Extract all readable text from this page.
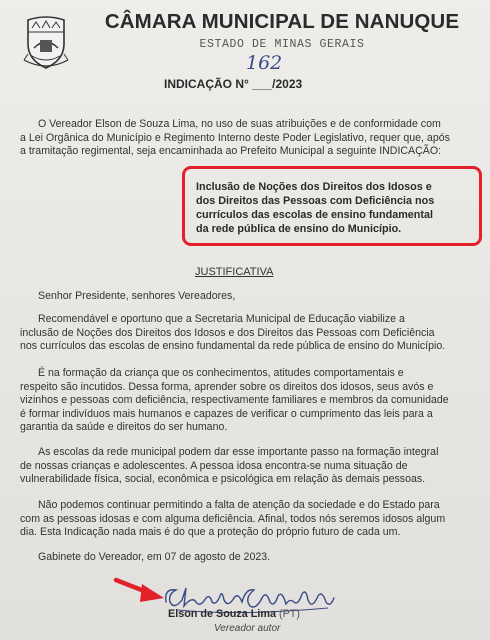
CÂMARA MUNICIPAL DE NANUQUE
ESTADO DE MINAS GERAIS
162
INDICAÇÃO N° ___/2023
O Vereador Elson de Souza Lima, no uso de suas atribuições e de conformidade com
a Lei Orgânica do Município e Regimento Interno deste Poder Legislativo, requer que, após
a tramitação regimental, seja encaminhada ao Prefeito Municipal a seguinte INDICAÇÃO:
Inclusão de Noções dos Direitos dos Idosos e
dos Direitos das Pessoas com Deficiência nos
currículos das escolas de ensino fundamental
da rede pública de ensino do Município.
JUSTIFICATIVA
Senhor Presidente, senhores Vereadores,
Recomendável e oportuno que a Secretaria Municipal de Educação viabilize a
inclusão de Noções dos Direitos dos Idosos e dos Direitos das Pessoas com Deficiência
nos currículos das escolas de ensino fundamental da rede pública de ensino do Município.
É na formação da criança que os conhecimentos, atitudes comportamentais e
respeito são incutidos. Dessa forma, aprender sobre os direitos dos idosos, seus avós e
vizinhos e pessoas com deficiência, respectivamente familiares e membros da comunidade
é formar indivíduos mais humanos e capazes de verificar o cumprimento das leis para a
garantia da saúde e direitos do ser humano.
As escolas da rede municipal podem dar esse importante passo na formação integral
de nossas crianças e adolescentes. A pessoa idosa encontra-se numa situação de
vulnerabilidade física, social, econômica e psicológica em relação às demais pessoas.
Não podemos continuar permitindo a falta de atenção da sociedade e do Estado para
com as pessoas idosas e com alguma deficiência. Afinal, todos nós seremos idosos algum
dia. Esta Indicação nada mais é do que a proteção do próprio futuro de cada um.
Gabinete do Vereador, em 07 de agosto de 2023.
Elson de Souza Lima (PT)
Vereador autor
